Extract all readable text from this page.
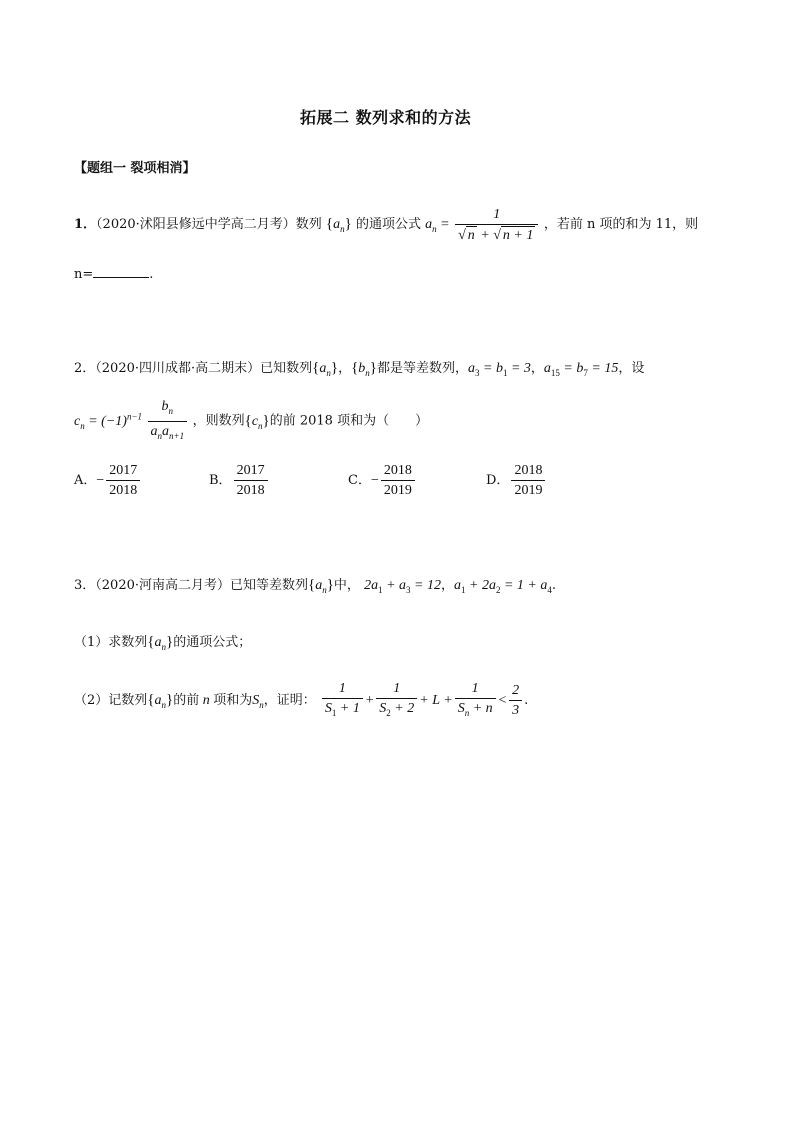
拓展二 数列求和的方法
【题组一 裂项相消】
1．（2020·沭阳县修远中学高二月考）数列 $\{a_n\}$ 的通项公式 $a_n = \frac{1}{√ n + √ n + 1}$ ，若前 n 项的和为 11，则
n=	.
2．（2020·四川成都·高二期末）已知数列$\{a_n\}$，$\{b_n\}$都是等差数列，$a_3 = b_1 = 3$，$a_{15} = b_7 = 15$，设
$c_n = (-1)^{n-1} \frac{b_n}{a_na_{n+1}}$ ，则数列$\{c_n\}$的前 2018 项和为（　　）
A．− $\frac{2017}{2018}$	B． $\frac{2017}{2018}$	C．− $\frac{2018}{2019}$	D． $\frac{2018}{2019}$
3．（2020·河南高二月考）已知等差数列$\{a_n\}$中， $2a_1 + a_3 = 12$，$a_1 + 2a_2 = 1 + a_4$.
（1）求数列$\{a_n\}$的通项公式；
（2）记数列$\{a_n\}$的前 n 项和为$S_n$，证明： $\frac{1}{S_1 + 1} + \frac{1}{S_2 + 2} + L + \frac{1}{S_n + n} < \frac{2}{3}$ .
